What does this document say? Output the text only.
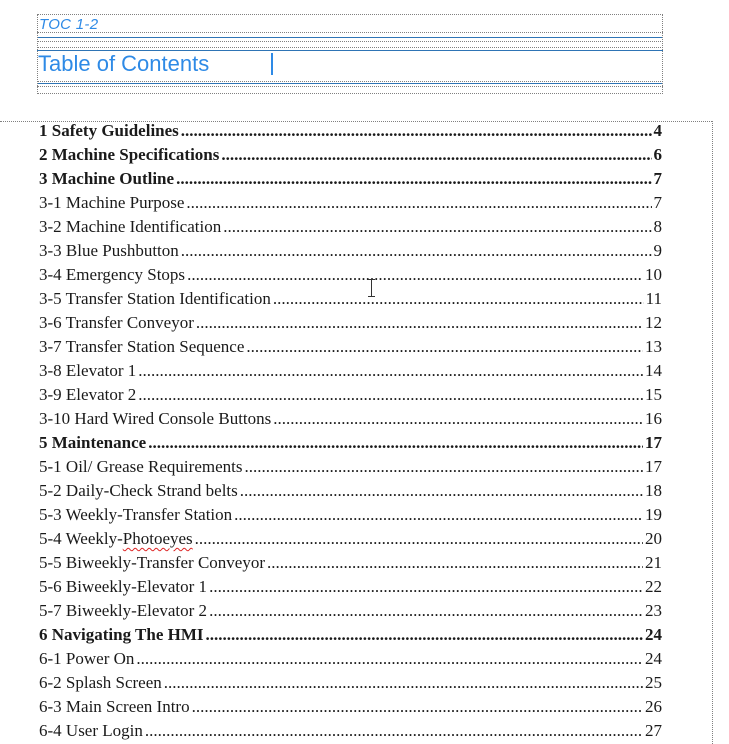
TOC 1-2
Table of Contents
1 Safety Guidelines .....	4
2 Machine Specifications .....	6
3 Machine Outline .....	7
3-1 Machine Purpose .....	7
3-2 Machine Identification .....	8
3-3 Blue Pushbutton .....	9
3-4 Emergency Stops .....	10
3-5 Transfer Station Identification .....	11
3-6 Transfer Conveyor .....	12
3-7 Transfer Station Sequence .....	13
3-8 Elevator 1 .....	14
3-9 Elevator 2 .....	15
3-10 Hard Wired Console Buttons .....	16
5 Maintenance .....	17
5-1 Oil/ Grease Requirements .....	17
5-2 Daily-Check Strand belts .....	18
5-3 Weekly-Transfer Station .....	19
5-4 Weekly-Photoeyes .....	20
5-5 Biweekly-Transfer Conveyor .....	21
5-6 Biweekly-Elevator 1 .....	22
5-7 Biweekly-Elevator 2 .....	23
6 Navigating The HMI .....	24
6-1 Power On .....	24
6-2 Splash Screen .....	25
6-3 Main Screen Intro .....	26
6-4 User Login .....	27
